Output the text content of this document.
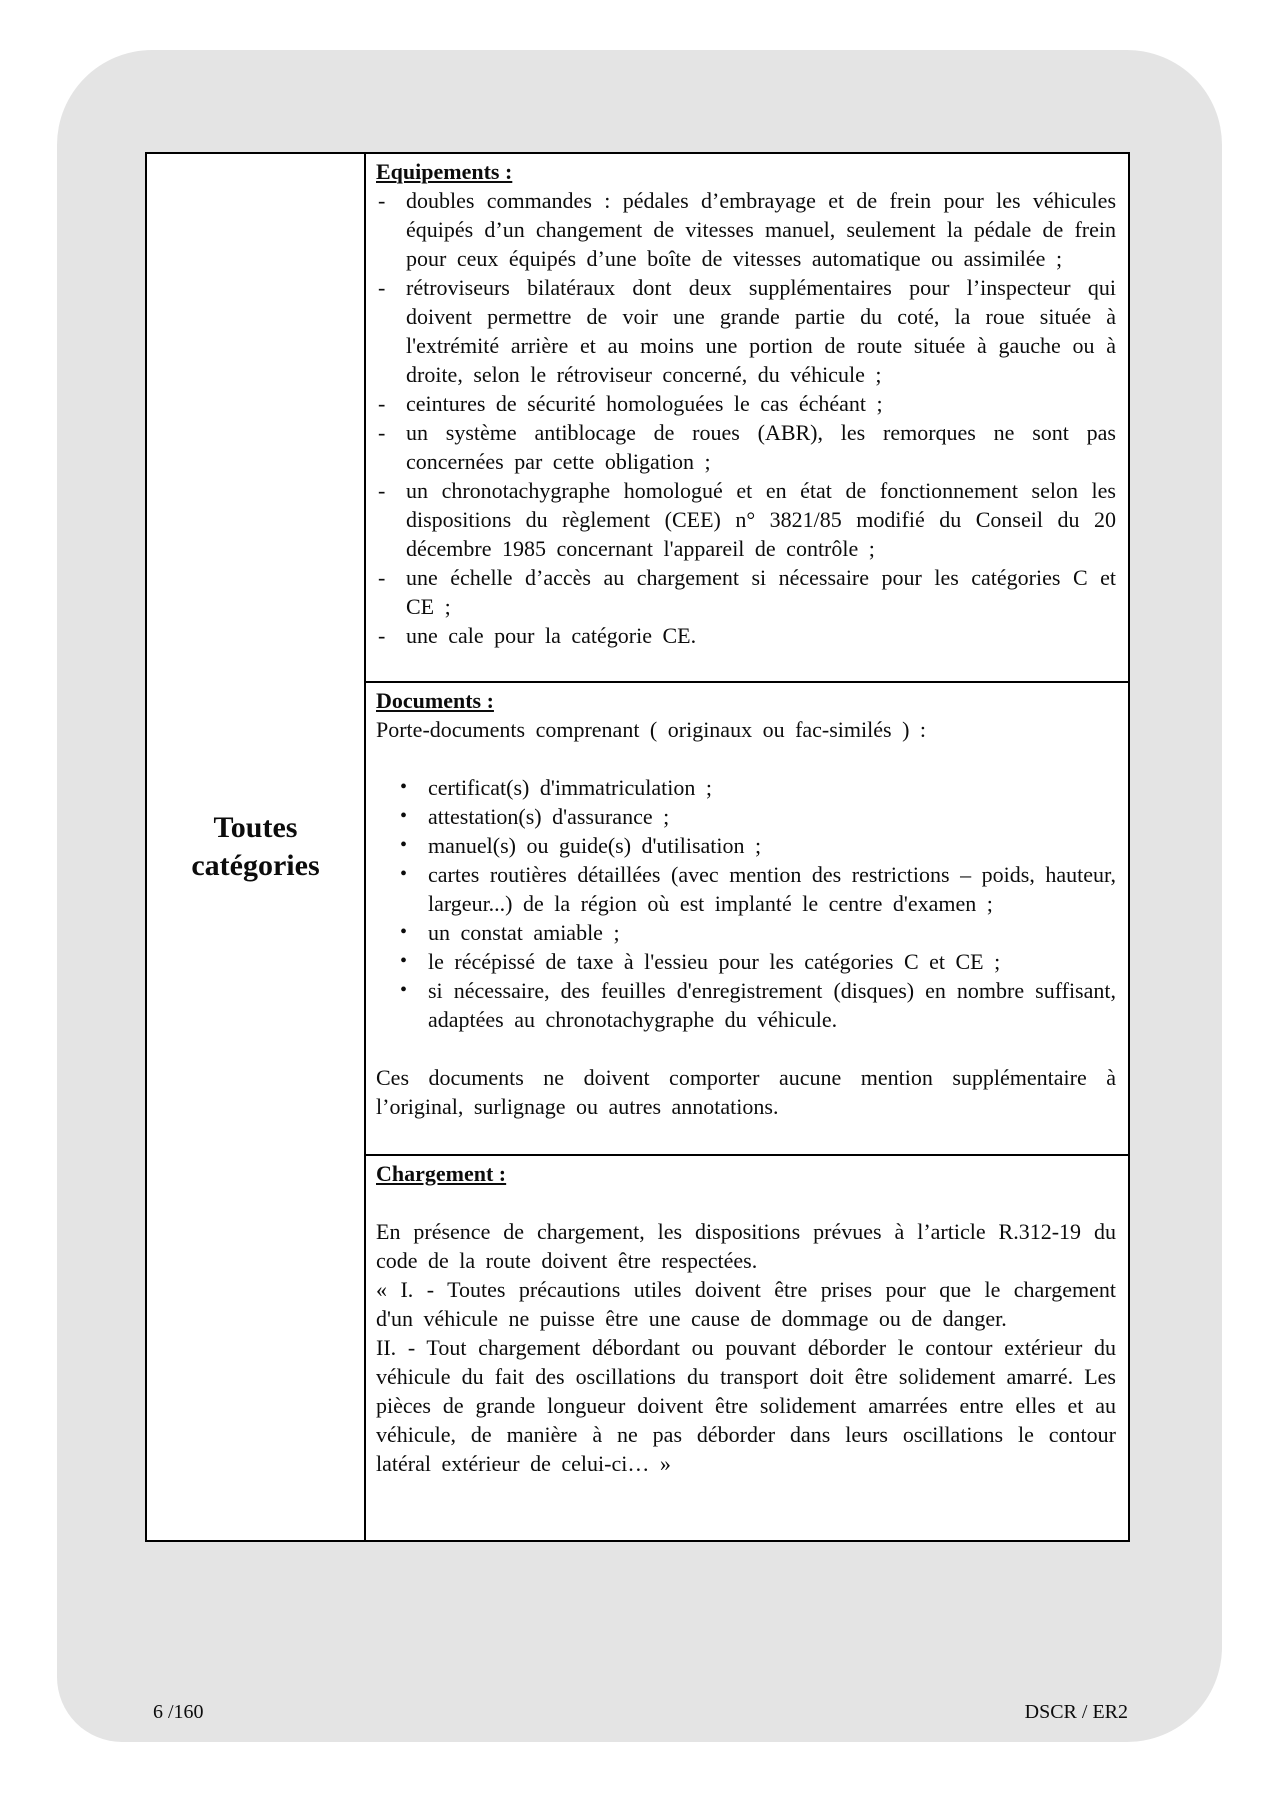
Toutes
catégories
Equipements :
- doubles commandes : pédales d’embrayage et de frein pour les véhicules équipés d’un changement de vitesses manuel, seulement la pédale de frein pour ceux équipés d’une boîte de vitesses automatique ou assimilée ;
- rétroviseurs bilatéraux dont deux supplémentaires pour l’inspecteur qui doivent permettre de voir une grande partie du coté, la roue située à l'extrémité arrière et au moins une portion de route située à gauche ou à droite, selon le rétroviseur concerné, du véhicule ;
- ceintures de sécurité homologuées le cas échéant ;
- un système antiblocage de roues (ABR), les remorques ne sont pas concernées par cette obligation ;
- un chronotachygraphe homologué et en état de fonctionnement selon les dispositions du règlement (CEE) n° 3821/85 modifié du Conseil du 20 décembre 1985 concernant l'appareil de contrôle ;
- une échelle d’accès au chargement si nécessaire pour les catégories C et CE ;
- une cale pour la catégorie CE.
Documents :

Porte-documents comprenant ( originaux ou fac-similés ) :

• certificat(s) d'immatriculation ;
• attestation(s) d'assurance ;
• manuel(s) ou guide(s) d'utilisation ;
• cartes routières détaillées (avec mention des restrictions – poids, hauteur, largeur...) de la région où est implanté le centre d'examen ;
• un constat amiable ;
• le récépissé de taxe à l'essieu pour les catégories C et CE ;
• si nécessaire, des feuilles d'enregistrement (disques) en nombre suffisant, adaptées au chronotachygraphe du véhicule.

Ces documents ne doivent comporter aucune mention supplémentaire à l’original, surlignage ou autres annotations.

Chargement :

En présence de chargement, les dispositions prévues à l’article R.312-19 du code de la route doivent être respectées.

« I. - Toutes précautions utiles doivent être prises pour que le chargement d'un véhicule ne puisse être une cause de dommage ou de danger.

II. - Tout chargement débordant ou pouvant déborder le contour extérieur du véhicule du fait des oscillations du transport doit être solidement amarré. Les pièces de grande longueur doivent être solidement amarrées entre elles et au véhicule, de manière à ne pas déborder dans leurs oscillations le contour latéral extérieur de celui-ci… »

6 /160	DSCR / ER2
